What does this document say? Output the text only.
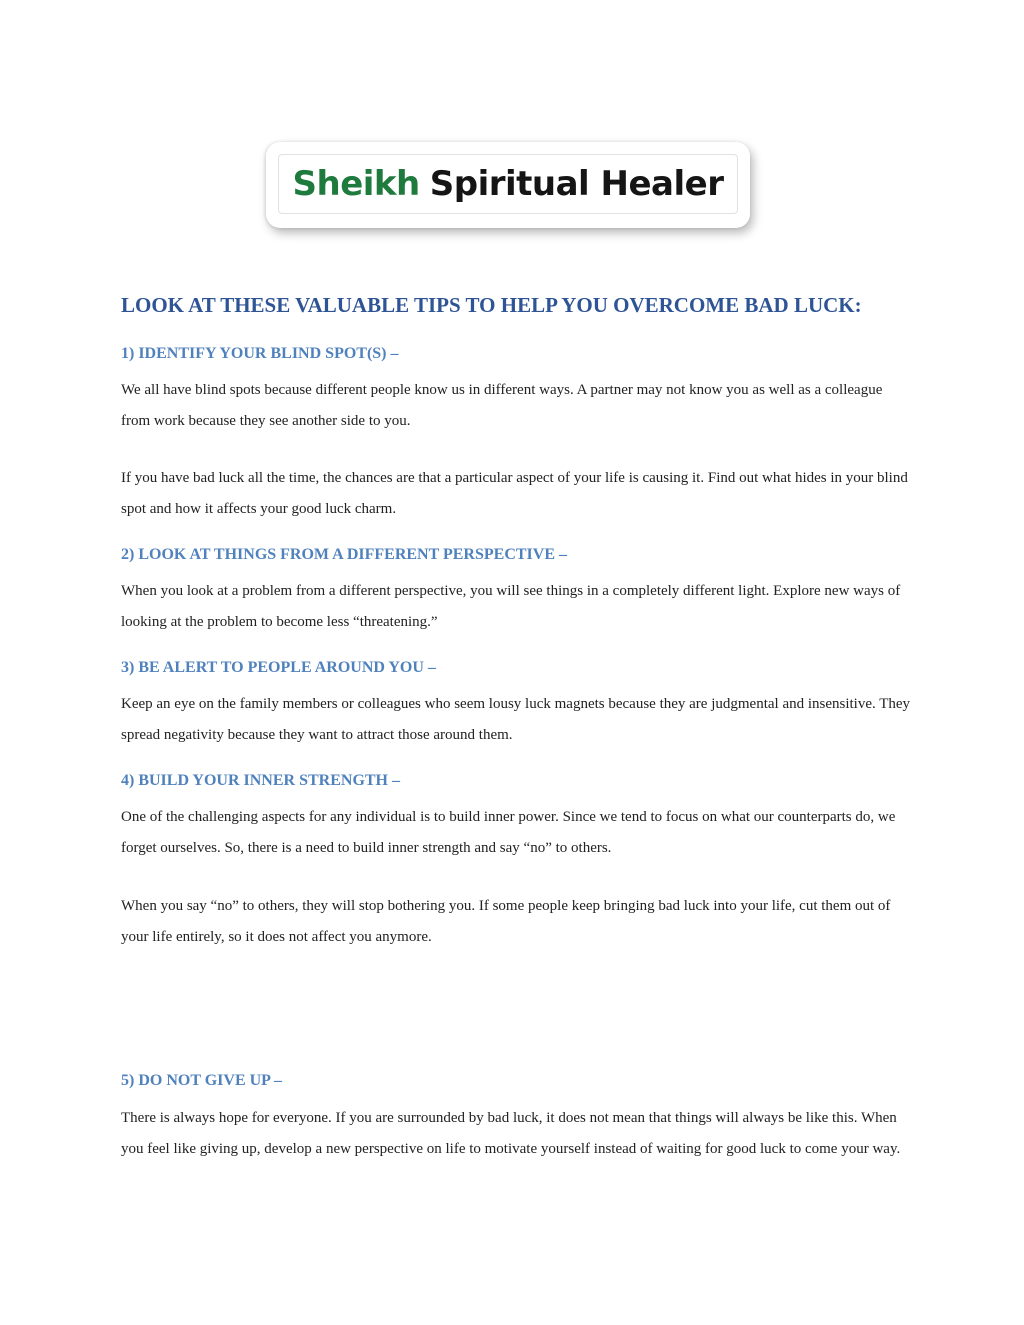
Sheikh Spiritual Healer
LOOK AT THESE VALUABLE TIPS TO HELP YOU OVERCOME BAD LUCK:
1) IDENTIFY YOUR BLIND SPOT(S) –

We all have blind spots because different people know us in different ways. A partner may not know you as well as a colleague from work because they see another side to you.

If you have bad luck all the time, the chances are that a particular aspect of your life is causing it. Find out what hides in your blind spot and how it affects your good luck charm.

2) LOOK AT THINGS FROM A DIFFERENT PERSPECTIVE –

When you look at a problem from a different perspective, you will see things in a completely different light. Explore new ways of looking at the problem to become less “threatening.”

3) BE ALERT TO PEOPLE AROUND YOU –

Keep an eye on the family members or colleagues who seem lousy luck magnets because they are judgmental and insensitive. They spread negativity because they want to attract those around them.

4) BUILD YOUR INNER STRENGTH –

One of the challenging aspects for any individual is to build inner power. Since we tend to focus on what our counterparts do, we forget ourselves. So, there is a need to build inner strength and say “no” to others.

When you say “no” to others, they will stop bothering you. If some people keep bringing bad luck into your life, cut them out of your life entirely, so it does not affect you anymore.

5) DO NOT GIVE UP –

There is always hope for everyone. If you are surrounded by bad luck, it does not mean that things will always be like this. When you feel like giving up, develop a new perspective on life to motivate yourself instead of waiting for good luck to come your way.
